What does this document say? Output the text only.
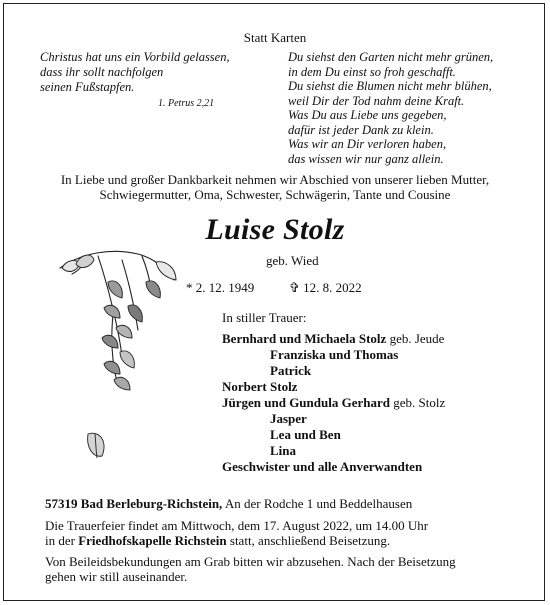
Statt Karten
Christus hat uns ein Vorbild gelassen,
dass ihr sollt nachfolgen
seinen Fußstapfen.
1. Petrus 2,21
Du siehst den Garten nicht mehr grünen,
in dem Du einst so froh geschafft.
Du siehst die Blumen nicht mehr blühen,
weil Dir der Tod nahm deine Kraft.
Was Du aus Liebe uns gegeben,
dafür ist jeder Dank zu klein.
Was wir an Dir verloren haben,
das wissen wir nur ganz allein.
In Liebe und großer Dankbarkeit nehmen wir Abschied von unserer lieben Mutter,
Schwiegermutter, Oma, Schwester, Schwägerin, Tante und Cousine
Luise Stolz
geb. Wied
* 2. 12. 1949	✞ 12. 8. 2022
In stiller Trauer:
Bernhard und Michaela Stolz geb. Jeude
Franziska und Thomas
Patrick
Norbert Stolz
Jürgen und Gundula Gerhard geb. Stolz
Jasper
Lea und Ben
Lina
Geschwister und alle Anverwandten
57319 Bad Berleburg-Richstein, An der Rodche 1 und Beddelhausen
Die Trauerfeier findet am Mittwoch, dem 17. August 2022, um 14.00 Uhr
in der Friedhofskapelle Richstein statt, anschließend Beisetzung.
Von Beileidsbekundungen am Grab bitten wir abzusehen. Nach der Beisetzung
gehen wir still auseinander.
